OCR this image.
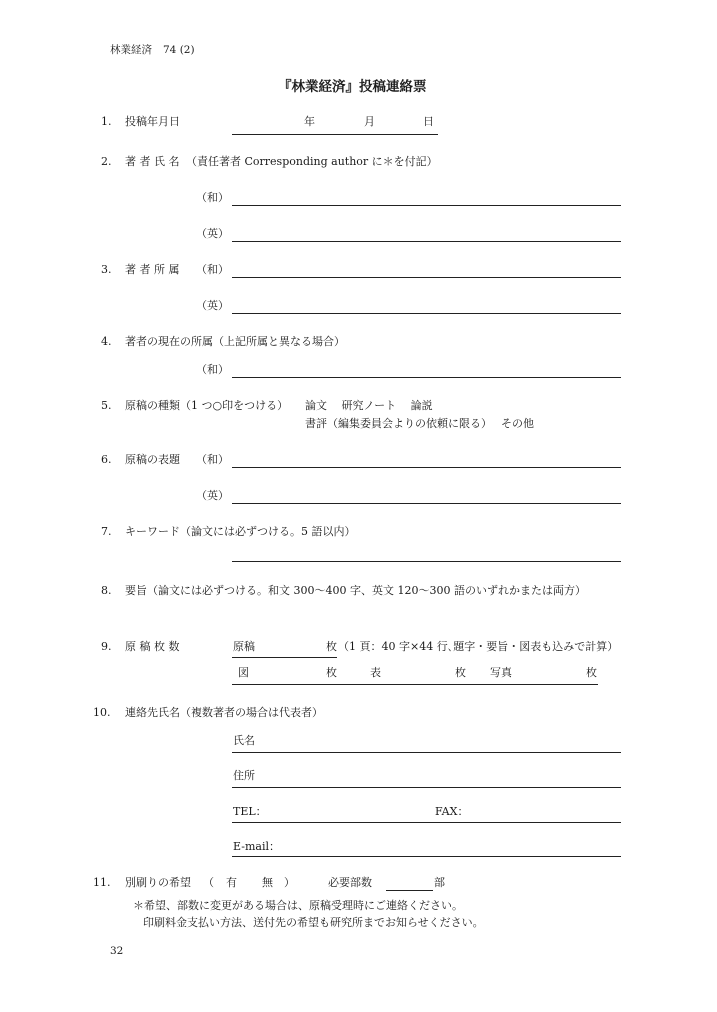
林業経済 74 (2)
『林業経済』投稿連絡票
1. 投稿年月日	年	月	日
2. 著 者 氏 名 （責任著者 Corresponding author に＊を付記）
（和）
（英）
3. 著 者 所 属 （和）
（英）
4. 著者の現在の所属（上記所属と異なる場合）
（和）
5. 原稿の種類（1 つ○印をつける） 論文　 研究ノート　 論説
書評（編集委員会よりの依頼に限る）　 その他
6. 原稿の表題 （和）
（英）
7. キーワード（論文には必ずつける。5 語以内）
8. 要旨（論文には必ずつける。和文 300～400 字、英文 120～300 語のいずれかまたは両方）
9. 原 稿 枚 数	原稿	枚 （1 頁：40 字×44 行､題字・要旨・図表も込みで計算）
図	枚	表	枚 写真	枚
10. 連絡先氏名（複数著者の場合は代表者）
氏名
住所
TEL：	FAX：
E-mail：
11. 別刷りの希望 （ 有 無 ）	必要部数	部
＊希望、部数に変更がある場合は、原稿受理時にご連絡ください。
印刷料金支払い方法、送付先の希望も研究所までお知らせください。
32
